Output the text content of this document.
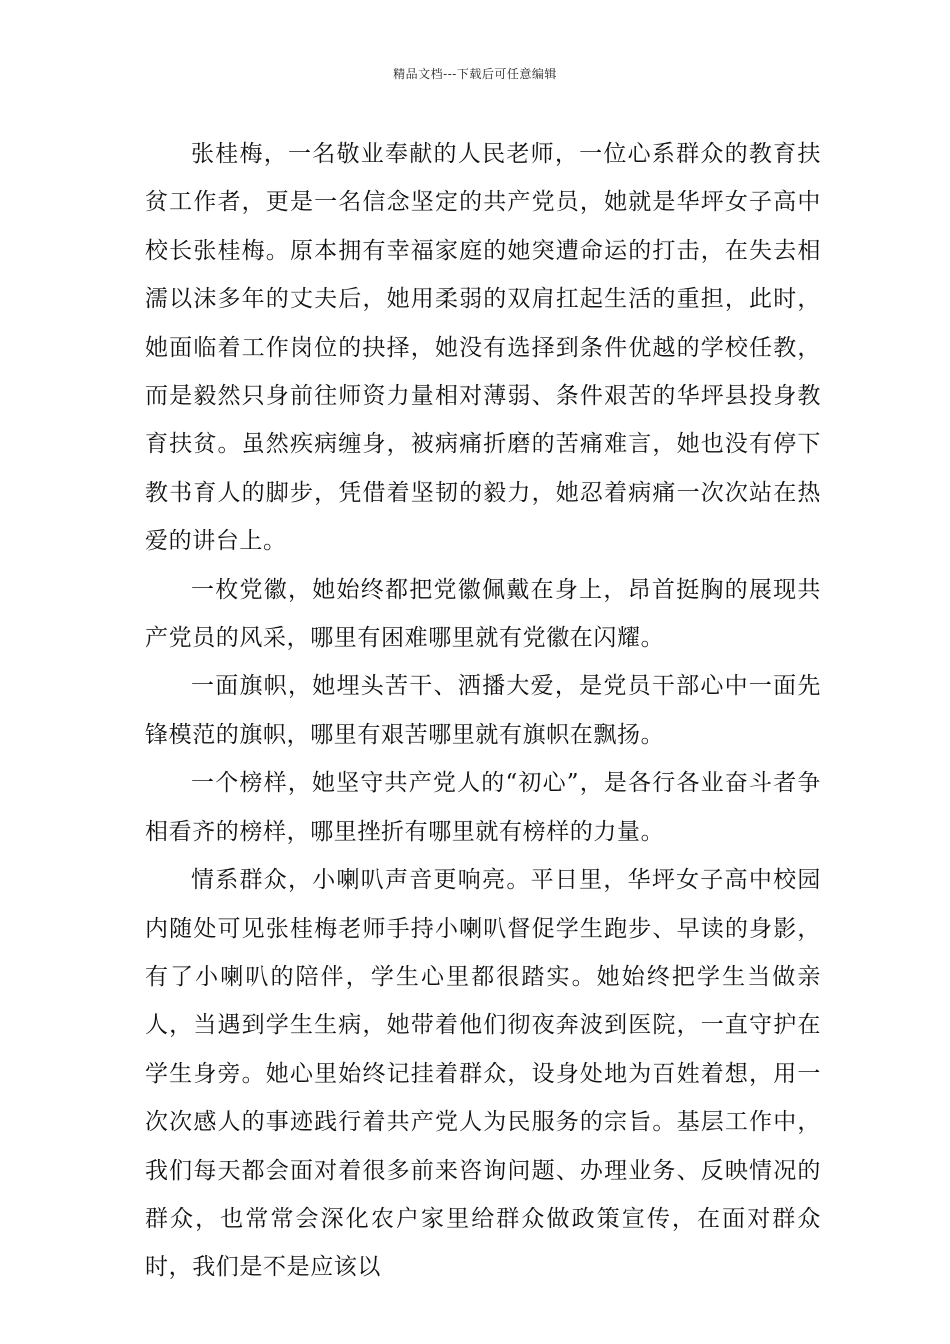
精品文档---下载后可任意编辑

张桂梅，一名敬业奉献的人民老师，一位心系群众的教育扶贫工作者，更是一名信念坚定的共产党员，她就是华坪女子高中校长张桂梅。原本拥有幸福家庭的她突遭命运的打击，在失去相濡以沫多年的丈夫后，她用柔弱的双肩扛起生活的重担，此时，她面临着工作岗位的抉择，她没有选择到条件优越的学校任教，而是毅然只身前往师资力量相对薄弱、条件艰苦的华坪县投身教育扶贫。虽然疾病缠身，被病痛折磨的苦痛难言，她也没有停下教书育人的脚步，凭借着坚韧的毅力，她忍着病痛一次次站在热爱的讲台上。

一枚党徽，她始终都把党徽佩戴在身上，昂首挺胸的展现共产党员的风采，哪里有困难哪里就有党徽在闪耀。

一面旗帜，她埋头苦干、洒播大爱，是党员干部心中一面先锋模范的旗帜，哪里有艰苦哪里就有旗帜在飘扬。

一个榜样，她坚守共产党人的“初心”，是各行各业奋斗者争相看齐的榜样，哪里挫折有哪里就有榜样的力量。

情系群众，小喇叭声音更响亮。平日里，华坪女子高中校园内随处可见张桂梅老师手持小喇叭督促学生跑步、早读的身影，有了小喇叭的陪伴，学生心里都很踏实。她始终把学生当做亲人，当遇到学生生病，她带着他们彻夜奔波到医院，一直守护在学生身旁。她心里始终记挂着群众，设身处地为百姓着想，用一次次感人的事迹践行着共产党人为民服务的宗旨。基层工作中，我们每天都会面对着很多前来咨询问题、办理业务、反映情况的群众，也常常会深化农户家里给群众做政策宣传，在面对群众时，我们是不是应该以
